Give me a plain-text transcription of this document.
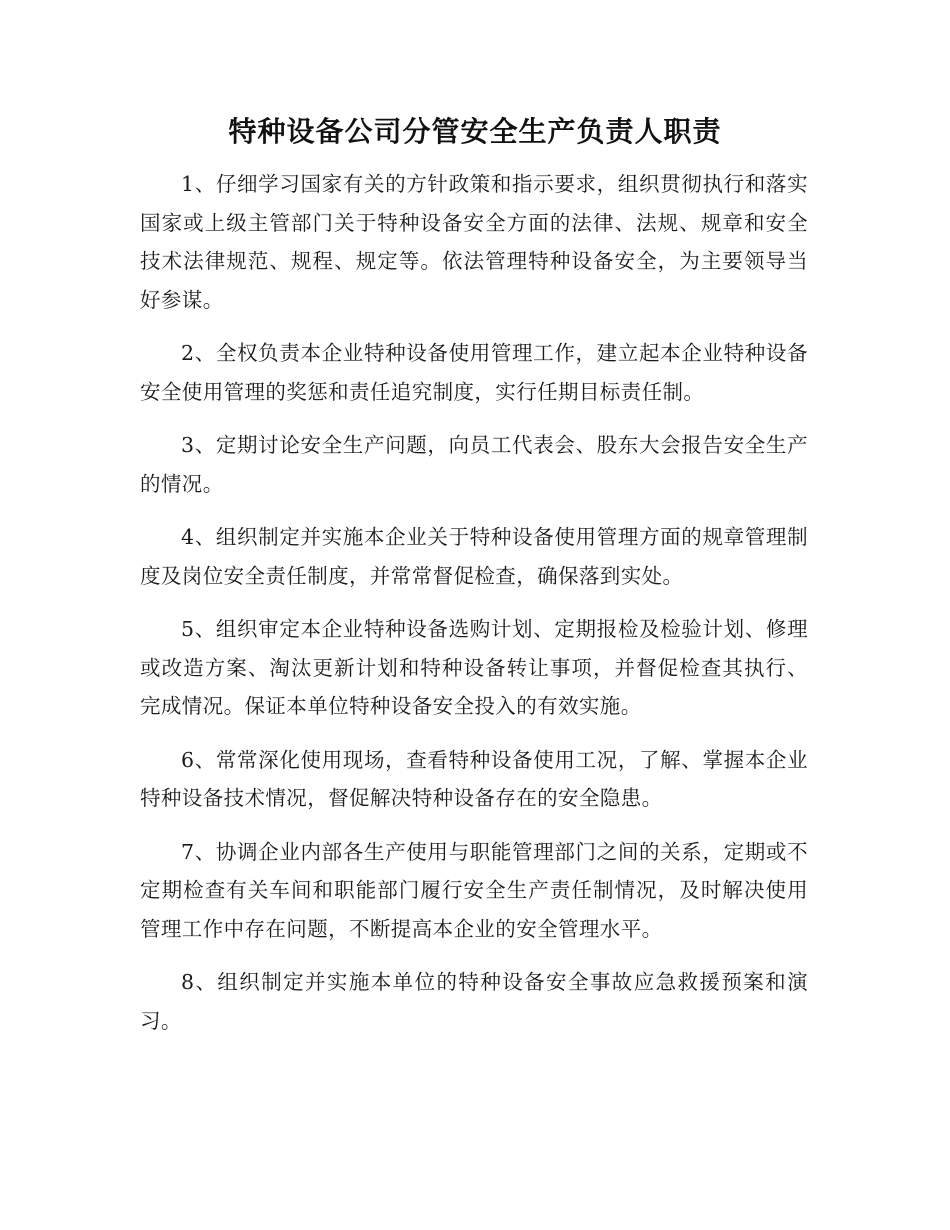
特种设备公司分管安全生产负责人职责

1、仔细学习国家有关的方针政策和指示要求，组织贯彻执行和落实国家或上级主管部门关于特种设备安全方面的法律、法规、规章和安全技术法律规范、规程、规定等。依法管理特种设备安全，为主要领导当好参谋。

2、全权负责本企业特种设备使用管理工作，建立起本企业特种设备安全使用管理的奖惩和责任追究制度，实行任期目标责任制。

3、定期讨论安全生产问题，向员工代表会、股东大会报告安全生产的情况。

4、组织制定并实施本企业关于特种设备使用管理方面的规章管理制度及岗位安全责任制度，并常常督促检查，确保落到实处。

5、组织审定本企业特种设备选购计划、定期报检及检验计划、修理或改造方案、淘汰更新计划和特种设备转让事项，并督促检查其执行、完成情况。保证本单位特种设备安全投入的有效实施。

6、常常深化使用现场，查看特种设备使用工况，了解、掌握本企业特种设备技术情况，督促解决特种设备存在的安全隐患。

7、协调企业内部各生产使用与职能管理部门之间的关系，定期或不定期检查有关车间和职能部门履行安全生产责任制情况，及时解决使用管理工作中存在问题，不断提高本企业的安全管理水平。

8、组织制定并实施本单位的特种设备安全事故应急救援预案和演习。
